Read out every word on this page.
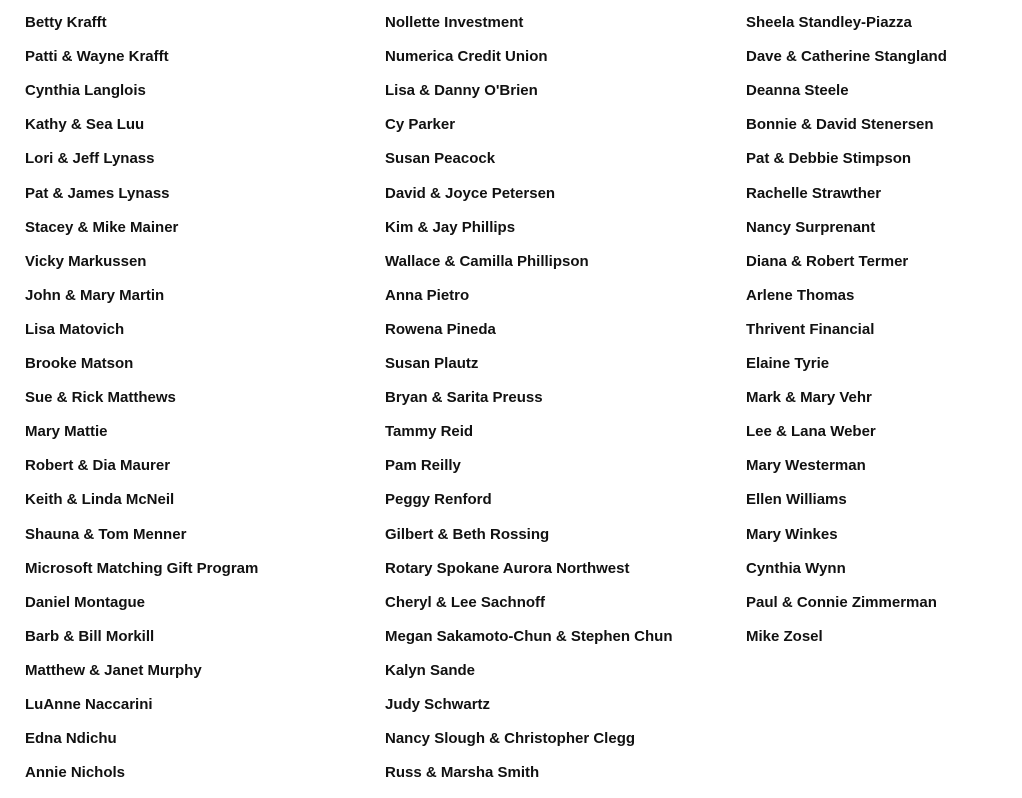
Betty Krafft
Patti & Wayne Krafft
Cynthia Langlois
Kathy & Sea Luu
Lori & Jeff Lynass
Pat & James Lynass
Stacey & Mike Mainer
Vicky Markussen
John & Mary Martin
Lisa Matovich
Brooke Matson
Sue & Rick Matthews
Mary Mattie
Robert & Dia Maurer
Keith & Linda McNeil
Shauna & Tom Menner
Microsoft Matching Gift Program
Daniel Montague
Barb & Bill Morkill
Matthew & Janet Murphy
LuAnne Naccarini
Edna Ndichu
Annie Nichols
Nollette Investment
Numerica Credit Union
Lisa & Danny O'Brien
Cy Parker
Susan Peacock
David & Joyce Petersen
Kim & Jay Phillips
Wallace & Camilla Phillipson
Anna Pietro
Rowena Pineda
Susan Plautz
Bryan & Sarita Preuss
Tammy Reid
Pam Reilly
Peggy Renford
Gilbert & Beth Rossing
Rotary Spokane Aurora Northwest
Cheryl & Lee Sachnoff
Megan Sakamoto-Chun & Stephen Chun
Kalyn Sande
Judy Schwartz
Nancy Slough & Christopher Clegg
Russ & Marsha Smith
Sheela Standley-Piazza
Dave & Catherine Stangland
Deanna Steele
Bonnie & David Stenersen
Pat & Debbie Stimpson
Rachelle Strawther
Nancy Surprenant
Diana & Robert Termer
Arlene Thomas
Thrivent Financial
Elaine Tyrie
Mark & Mary Vehr
Lee & Lana Weber
Mary Westerman
Ellen Williams
Mary Winkes
Cynthia Wynn
Paul & Connie Zimmerman
Mike Zosel
